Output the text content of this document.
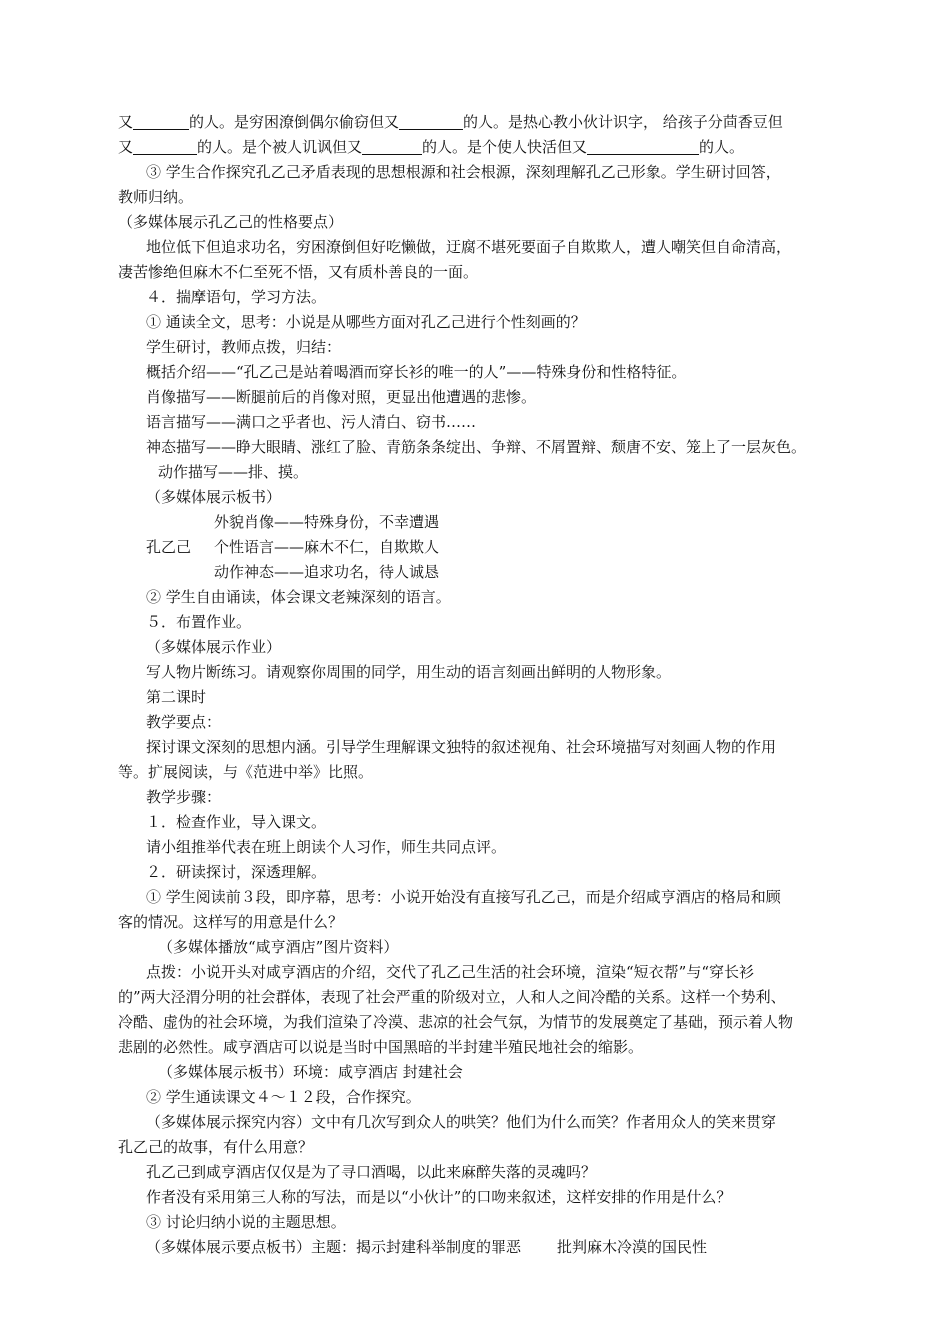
又	的人。是穷困潦倒偶尔偷窃但又	的人。是热心教小伙计识字， 给孩子分茴香豆但
又	的人。是个被人讥讽但又	的人。是个使人快活但又	的人。
③ 学生合作探究孔乙己矛盾表现的思想根源和社会根源，深刻理解孔乙己形象。学生研讨回答，
教师归纳。
（多媒体展示孔乙己的性格要点）
地位低下但追求功名，穷困潦倒但好吃懒做，迂腐不堪死要面子自欺欺人，遭人嘲笑但自命清高，
凄苦惨绝但麻木不仁至死不悟，又有质朴善良的一面。
４．揣摩语句，学习方法。
① 通读全文，思考：小说是从哪些方面对孔乙己进行个性刻画的？
学生研讨，教师点拨，归结：
概括介绍——“孔乙己是站着喝酒而穿长衫的唯一的人”——特殊身份和性格特征。
肖像描写——断腿前后的肖像对照，更显出他遭遇的悲惨。
语言描写——满口之乎者也、污人清白、窃书……
神态描写——睁大眼睛、涨红了脸、青筋条条绽出、争辩、不屑置辩、颓唐不安、笼上了一层灰色。
动作描写——排、摸。
（多媒体展示板书）
外貌肖像——特殊身份，不幸遭遇
孔乙己	个性语言——麻木不仁，自欺欺人
动作神态——追求功名，待人诚恳
② 学生自由诵读，体会课文老辣深刻的语言。
５．布置作业。
（多媒体展示作业）
写人物片断练习。请观察你周围的同学，用生动的语言刻画出鲜明的人物形象。
第二课时
教学要点：
探讨课文深刻的思想内涵。引导学生理解课文独特的叙述视角、社会环境描写对刻画人物的作用
等。扩展阅读，与《范进中举》比照。
教学步骤：
１．检查作业，导入课文。
请小组推举代表在班上朗读个人习作，师生共同点评。
２．研读探讨，深透理解。
① 学生阅读前３段，即序幕，思考：小说开始没有直接写孔乙己，而是介绍咸亨酒店的格局和顾
客的情况。这样写的用意是什么？
（多媒体播放“咸亨酒店”图片资料）
点拨：小说开头对咸亨酒店的介绍，交代了孔乙己生活的社会环境，渲染“短衣帮”与“穿长衫
的”两大泾渭分明的社会群体，表现了社会严重的阶级对立，人和人之间冷酷的关系。这样一个势利、
冷酷、虚伪的社会环境，为我们渲染了冷漠、悲凉的社会气氛，为情节的发展奠定了基础，预示着人物
悲剧的必然性。咸亨酒店可以说是当时中国黑暗的半封建半殖民地社会的缩影。
（多媒体展示板书）环境：咸亨酒店 封建社会
② 学生通读课文４～１２段，合作探究。
（多媒体展示探究内容）文中有几次写到众人的哄笑？他们为什么而笑？作者用众人的笑来贯穿
孔乙己的故事，有什么用意？
孔乙己到咸亨酒店仅仅是为了寻口酒喝，以此来麻醉失落的灵魂吗？
作者没有采用第三人称的写法，而是以“小伙计”的口吻来叙述，这样安排的作用是什么？
③ 讨论归纳小说的主题思想。
（多媒体展示要点板书）主题：揭示封建科举制度的罪恶 批判麻木冷漠的国民性
